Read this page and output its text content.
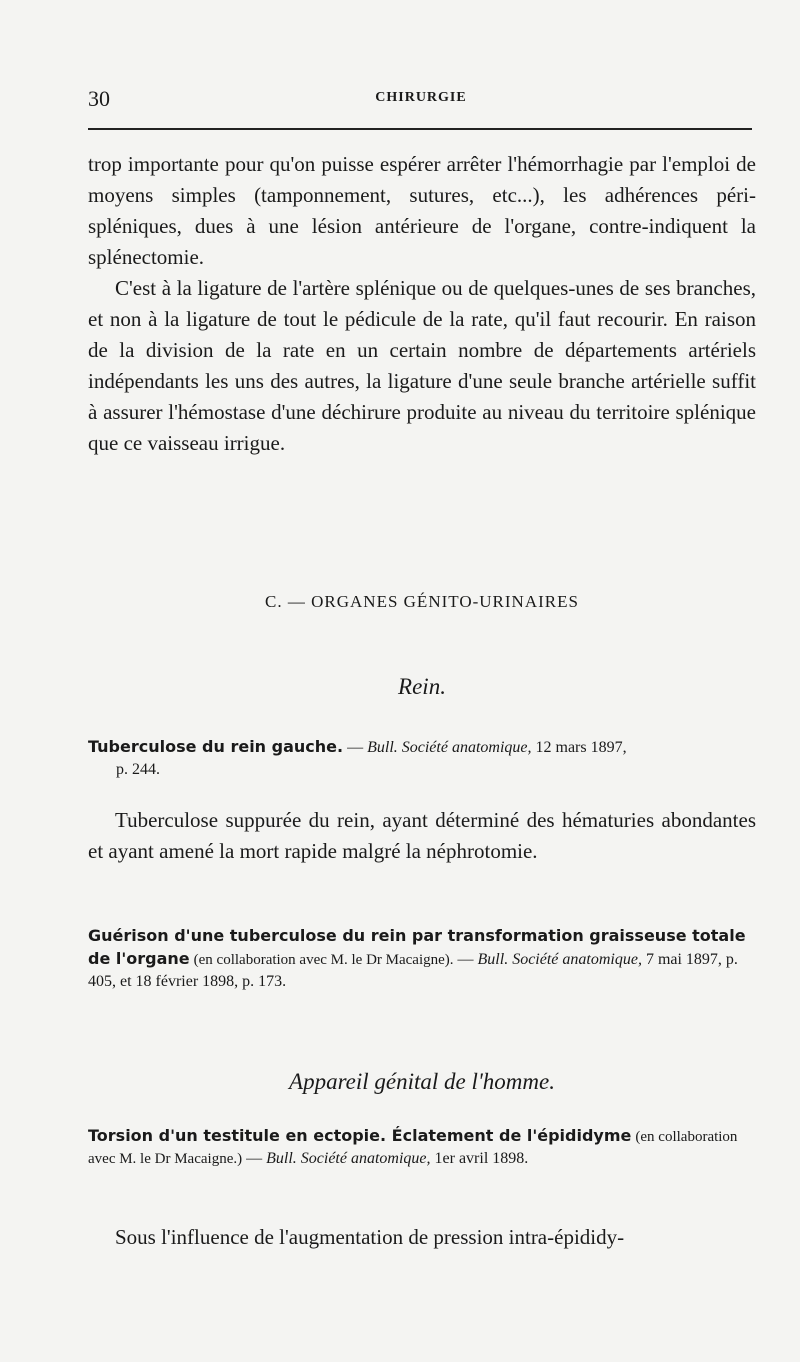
30	CHIRURGIE

trop importante pour qu'on puisse espérer arrêter l'hémorrhagie par l'emploi de moyens simples (tamponnement, sutures, etc...), les adhérences péri-spléniques, dues à une lésion antérieure de l'organe, contre-indiquent la splénectomie.

C'est à la ligature de l'artère splénique ou de quelques-unes de ses branches, et non à la ligature de tout le pédicule de la rate, qu'il faut recourir. En raison de la division de la rate en un certain nombre de départements artériels indépendants les uns des autres, la ligature d'une seule branche artérielle suffit à assurer l'hémostase d'une déchirure produite au niveau du territoire splénique que ce vaisseau irrigue.

C. — ORGANES GÉNITO-URINAIRES
Rein.
Tuberculose du rein gauche. — Bull. Société anatomique, 12 mars 1897,
p. 244.

Tuberculose suppurée du rein, ayant déterminé des hématuries abondantes et ayant amené la mort rapide malgré la néphrotomie.

Guérison d'une tuberculose du rein par transformation graisseuse totale de l'organe (en collaboration avec M. le Dr Macaigne). — Bull. Société anatomique, 7 mai 1897, p. 405, et 18 février 1898, p. 173.
Appareil génital de l'homme.
Torsion d'un testitule en ectopie. Éclatement de l'épididyme (en collaboration avec M. le Dr Macaigne.) — Bull. Société anatomique, 1er avril 1898.

Sous l'influence de l'augmentation de pression intra-épididy-
